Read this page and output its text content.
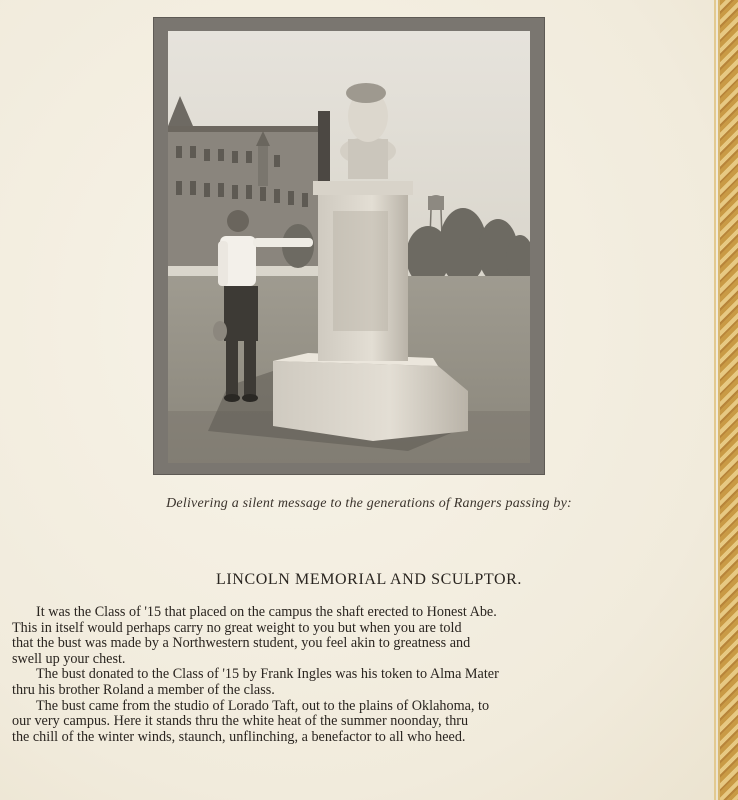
Delivering a silent message to the generations of Rangers passing by:
LINCOLN MEMORIAL AND SCULPTOR.
It was the Class of '15 that placed on the campus the shaft erected to Honest Abe.
This in itself would perhaps carry no great weight to you but when you are told
that the bust was made by a Northwestern student, you feel akin to greatness and
swell up your chest.
The bust donated to the Class of '15 by Frank Ingles was his token to Alma Mater
thru his brother Roland a member of the class.
The bust came from the studio of Lorado Taft, out to the plains of Oklahoma, to
our very campus. Here it stands thru the white heat of the summer noonday, thru
the chill of the winter winds, staunch, unflinching, a benefactor to all who heed.
